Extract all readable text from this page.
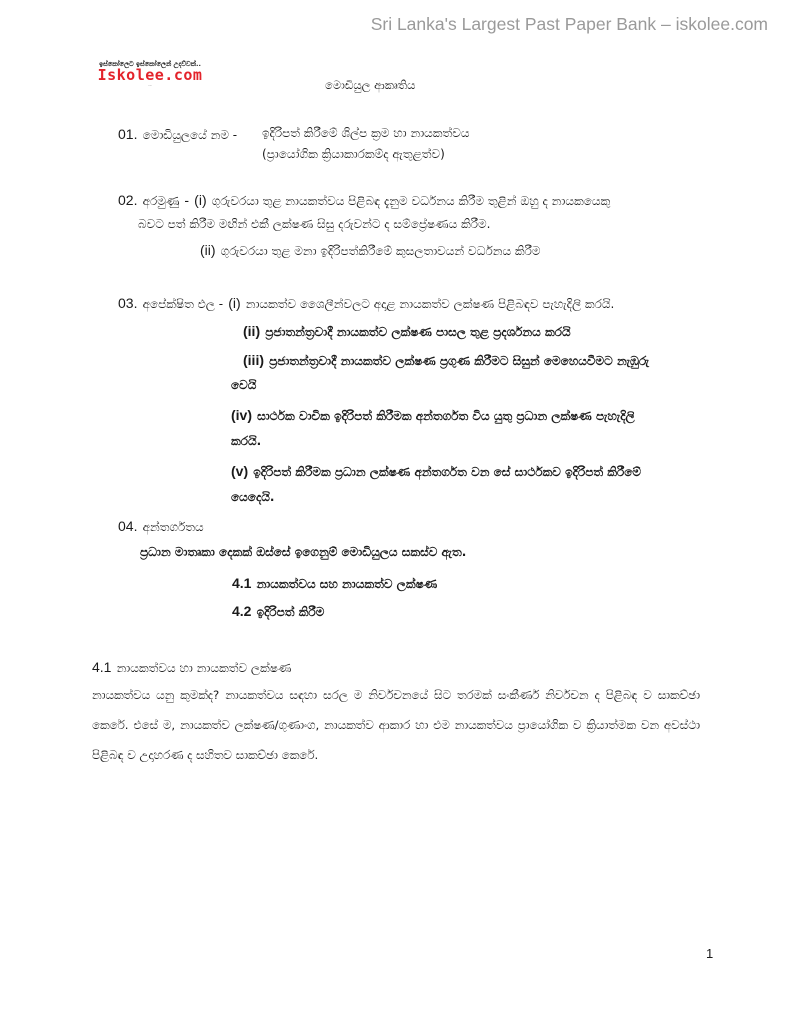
Sri Lanka's Largest Past Paper Bank – iskolee.com
ඉස්කෝලෙට ඉස්කෝලෙන් උදව්වක්..
Iskolee.com
...	මොඩියුල ආකෘතිය
01. මොඩියුලයේ නම - ඉදිරිපත් කිරීමේ ශිල්ප ක්‍රම හා නායකත්වය
(ප්‍රායෝගික ක්‍රියාකාරකම්ද ඇතුළත්ව)
02. අරමුණු - (i) ගුරුවරයා තුළ නායකත්වය පිළිබඳ දැනුම වර්ධනය කිරීම තුළින් ඔහු ද නායකයෙකු
බවට පත් කිරීම මඟින් එකී ලක්ෂණ සිසු දරුවන්ට ද සම්ප්‍රේෂණය කිරීම.
(ii) ගුරුවරයා තුළ මනා ඉදිරිපත්කිරීමේ කුසලතාවයන් වර්ධනය කිරීම
03. අපේක්ෂිත ඵල - (i) නායකත්ව ශෛලීන්වලට අදාළ නායකත්ව ලක්ෂණ පිළිබඳව පැහැදිලි කරයි.
(ii) ප්‍රජාතන්ත්‍රවාදී නායකත්ව ලක්ෂණ පාසල තුළ ප්‍රදර්ශනය කරයි
(iii) ප්‍රජාතන්ත්‍රවාදී නායකත්ව ලක්ෂණ ප්‍රගුණ කිරීමට සිසුන් මෙහෙයවීමට නැඹුරු
වෙයි
(iv) සාර්ථක වාචික ඉදිරිපත් කිරීමක අන්තර්ගත විය යුතු ප්‍රධාන ලක්ෂණ පැහැදිලි
කරයි.
(v) ඉදිරිපත් කිරීමක ප්‍රධාන ලක්ෂණ අන්තර්ගත වන සේ සාර්ථකව ඉදිරිපත් කිරීමේ
යෙදෙයි.
04. අන්තර්ගතය
ප්‍රධාන මාතෘකා දෙකක් ඔස්සේ ඉගෙනුම් මොඩියුලය සකස්ව ඇත.
4.1 නායකත්වය සහ නායකත්ව ලක්ෂණ
4.2 ඉදිරිපත් කිරීම
4.1 නායකත්වය හා නායකත්ව ලක්ෂණ

නායකත්වය යනු කුමක්ද? නායකත්වය සඳහා සරල ම නිර්වචනයේ සිට තරමක් සංකීර්ණ නිර්වචන ද පිළිබඳ ව සාකච්ඡා කෙරේ. එසේ ම, නායකත්ව ලක්ෂණ/ගුණාංග, නායකත්ව ආකාර හා එම නායකත්වය ප්‍රායෝගික ව ක්‍රියාත්මක වන අවස්ථා පිළිබඳ ව උදාහරණ ද සහිතව සාකච්ඡා කෙරේ.

1
